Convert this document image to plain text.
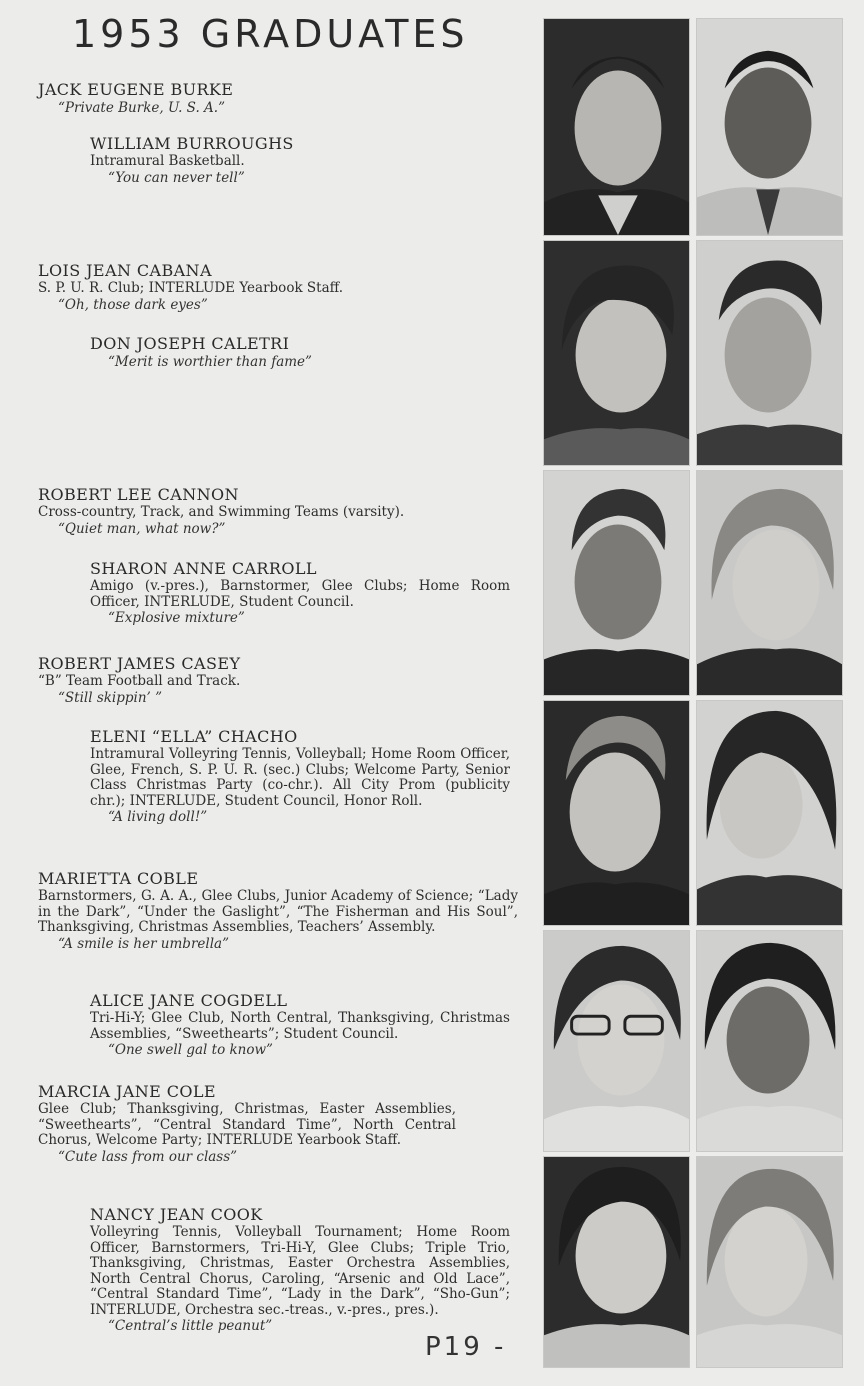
1953 GRADUATES
JACK EUGENE BURKE
“Private Burke, U. S. A.”
WILLIAM BURROUGHS
Intramural Basketball.
“You can never tell”
LOIS JEAN CABANA
S. P. U. R. Club; INTERLUDE Yearbook Staff.
“Oh, those dark eyes”
DON JOSEPH CALETRI
“Merit is worthier than fame”
ROBERT LEE CANNON
Cross-country, Track, and Swimming Teams (varsity).
“Quiet man, what now?”
SHARON ANNE CARROLL
Amigo (v.-pres.), Barnstormer, Glee Clubs; Home Room Officer, INTERLUDE, Student Council.
“Explosive mixture”
ROBERT JAMES CASEY
“B” Team Football and Track.
“Still skippin’ ”
ELENI “ELLA” CHACHO
Intramural Volleyring Tennis, Volleyball; Home Room Officer, Glee, French, S. P. U. R. (sec.) Clubs; Welcome Party, Senior Class Christmas Party (co-chr.). All City Prom (publicity chr.); INTERLUDE, Student Council, Honor Roll.
“A living doll!”
MARIETTA COBLE
Barnstormers, G. A. A., Glee Clubs, Junior Academy of Science; “Lady in the Dark”, “Under the Gaslight”, “The Fisherman and His Soul”, Thanksgiving, Christmas Assemblies, Teachers’ Assembly.
“A smile is her umbrella”
ALICE JANE COGDELL
Tri-Hi-Y; Glee Club, North Central, Thanksgiving, Christmas Assemblies, “Sweethearts”; Student Council.
“One swell gal to know”
MARCIA JANE COLE
Glee Club; Thanksgiving, Christmas, Easter Assemblies, “Sweethearts”, “Central Standard Time”, North Central Chorus, Welcome Party; INTERLUDE Yearbook Staff.
“Cute lass from our class”
NANCY JEAN COOK
Volleyring Tennis, Volleyball Tournament; Home Room Officer, Barnstormers, Tri-Hi-Y, Glee Clubs; Triple Trio, Thanksgiving, Christmas, Easter Orchestra Assemblies, North Central Chorus, Caroling, “Arsenic and Old Lace”, “Central Standard Time”, “Lady in the Dark”, “Sho-Gun”; INTERLUDE, Orchestra sec.-treas., v.-pres., pres.).
“Central’s little peanut”
P19 -
